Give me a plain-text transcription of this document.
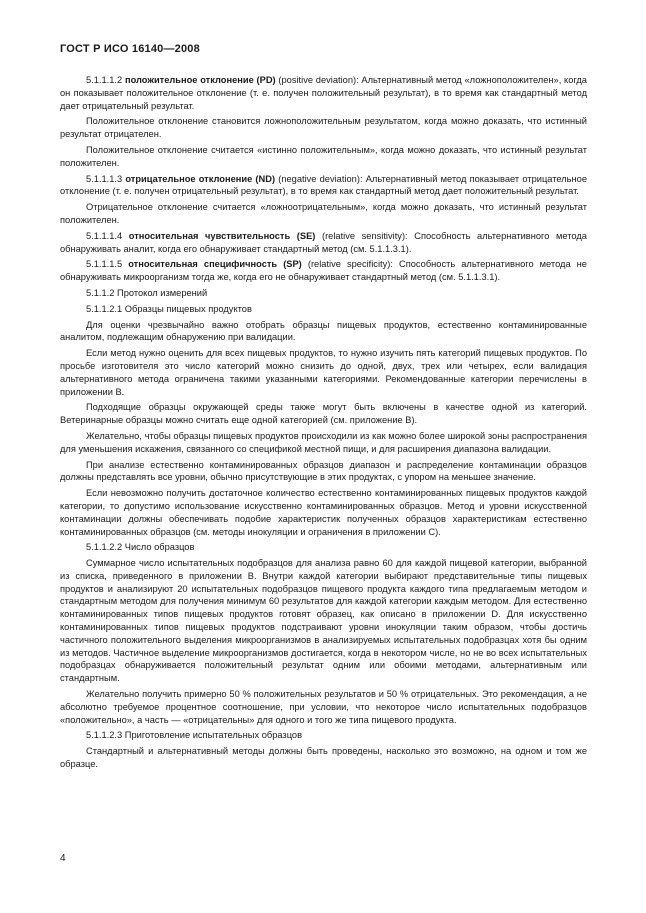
ГОСТ Р ИСО 16140—2008

5.1.1.1.2 положительное отклонение (PD) (positive deviation): Альтернативный метод «ложноположителен», когда он показывает положительное отклонение (т. е. получен положительный результат), в то время как стандартный метод дает отрицательный результат.

Положительное отклонение становится ложноположительным результатом, когда можно доказать, что истинный результат отрицателен.

Положительное отклонение считается «истинно положительным», когда можно доказать, что истинный результат положителен.

5.1.1.1.3 отрицательное отклонение (ND) (negative deviation): Альтернативный метод показывает отрицательное отклонение (т. е. получен отрицательный результат), в то время как стандартный метод дает положительный результат.

Отрицательное отклонение считается «ложноотрицательным», когда можно доказать, что истинный результат положителен.

5.1.1.1.4 относительная чувствительность (SE) (relative sensitivity): Способность альтернативного метода обнаруживать аналит, когда его обнаруживает стандартный метод (см. 5.1.1.3.1).

5.1.1.1.5 относительная специфичность (SP) (relative specificity): Способность альтернативного метода не обнаруживать микроорганизм тогда же, когда его не обнаруживает стандартный метод (см. 5.1.1.3.1).

5.1.1.2 Протокол измерений

5.1.1.2.1 Образцы пищевых продуктов

Для оценки чрезвычайно важно отобрать образцы пищевых продуктов, естественно контаминированные аналитом, подлежащим обнаружению при валидации.

Если метод нужно оценить для всех пищевых продуктов, то нужно изучить пять категорий пищевых продуктов. По просьбе изготовителя это число категорий можно снизить до одной, двух, трех или четырех, если валидация альтернативного метода ограничена такими указанными категориями. Рекомендованные категории перечислены в приложении В.

Подходящие образцы окружающей среды также могут быть включены в качестве одной из категорий. Ветеринарные образцы можно считать еще одной категорией (см. приложение В).

Желательно, чтобы образцы пищевых продуктов происходили из как можно более широкой зоны распространения для уменьшения искажения, связанного со спецификой местной пищи, и для расширения диапазона валидации.

При анализе естественно контаминированных образцов диапазон и распределение контаминации образцов должны представлять все уровни, обычно присутствующие в этих продуктах, с упором на меньшее значение.

Если невозможно получить достаточное количество естественно контаминированных пищевых продуктов каждой категории, то допустимо использование искусственно контаминированных образцов. Метод и уровни искусственной контаминации должны обеспечивать подобие характеристик полученных образцов характеристикам естественно контаминированных образцов (см. методы инокуляции и ограничения в приложении С).

5.1.1.2.2 Число образцов

Суммарное число испытательных подобразцов для анализа равно 60 для каждой пищевой категории, выбранной из списка, приведенного в приложении В. Внутри каждой категории выбирают представительные типы пищевых продуктов и анализируют 20 испытательных подобразцов пищевого продукта каждого типа предлагаемым методом и стандартным методом для получения минимум 60 результатов для каждой категории каждым методом. Для естественно контаминированных типов пищевых продуктов готовят образец, как описано в приложении D. Для искусственно контаминированных типов пищевых продуктов подстраивают уровни инокуляции таким образом, чтобы достичь частичного положительного выделения микроорганизмов в анализируемых испытательных подобразцах хотя бы одним из методов. Частичное выделение микроорганизмов достигается, когда в некотором числе, но не во всех испытательных подобразцах обнаруживается положительный результат одним или обоими методами, альтернативным или стандартным.

Желательно получить примерно 50 % положительных результатов и 50 % отрицательных. Это рекомендация, а не абсолютно требуемое процентное соотношение, при условии, что некоторое число испытательных подобразцов «положительно», а часть — «отрицательны» для одного и того же типа пищевого продукта.

5.1.1.2.3 Приготовление испытательных образцов

Стандартный и альтернативный методы должны быть проведены, насколько это возможно, на одном и том же образце.

4
